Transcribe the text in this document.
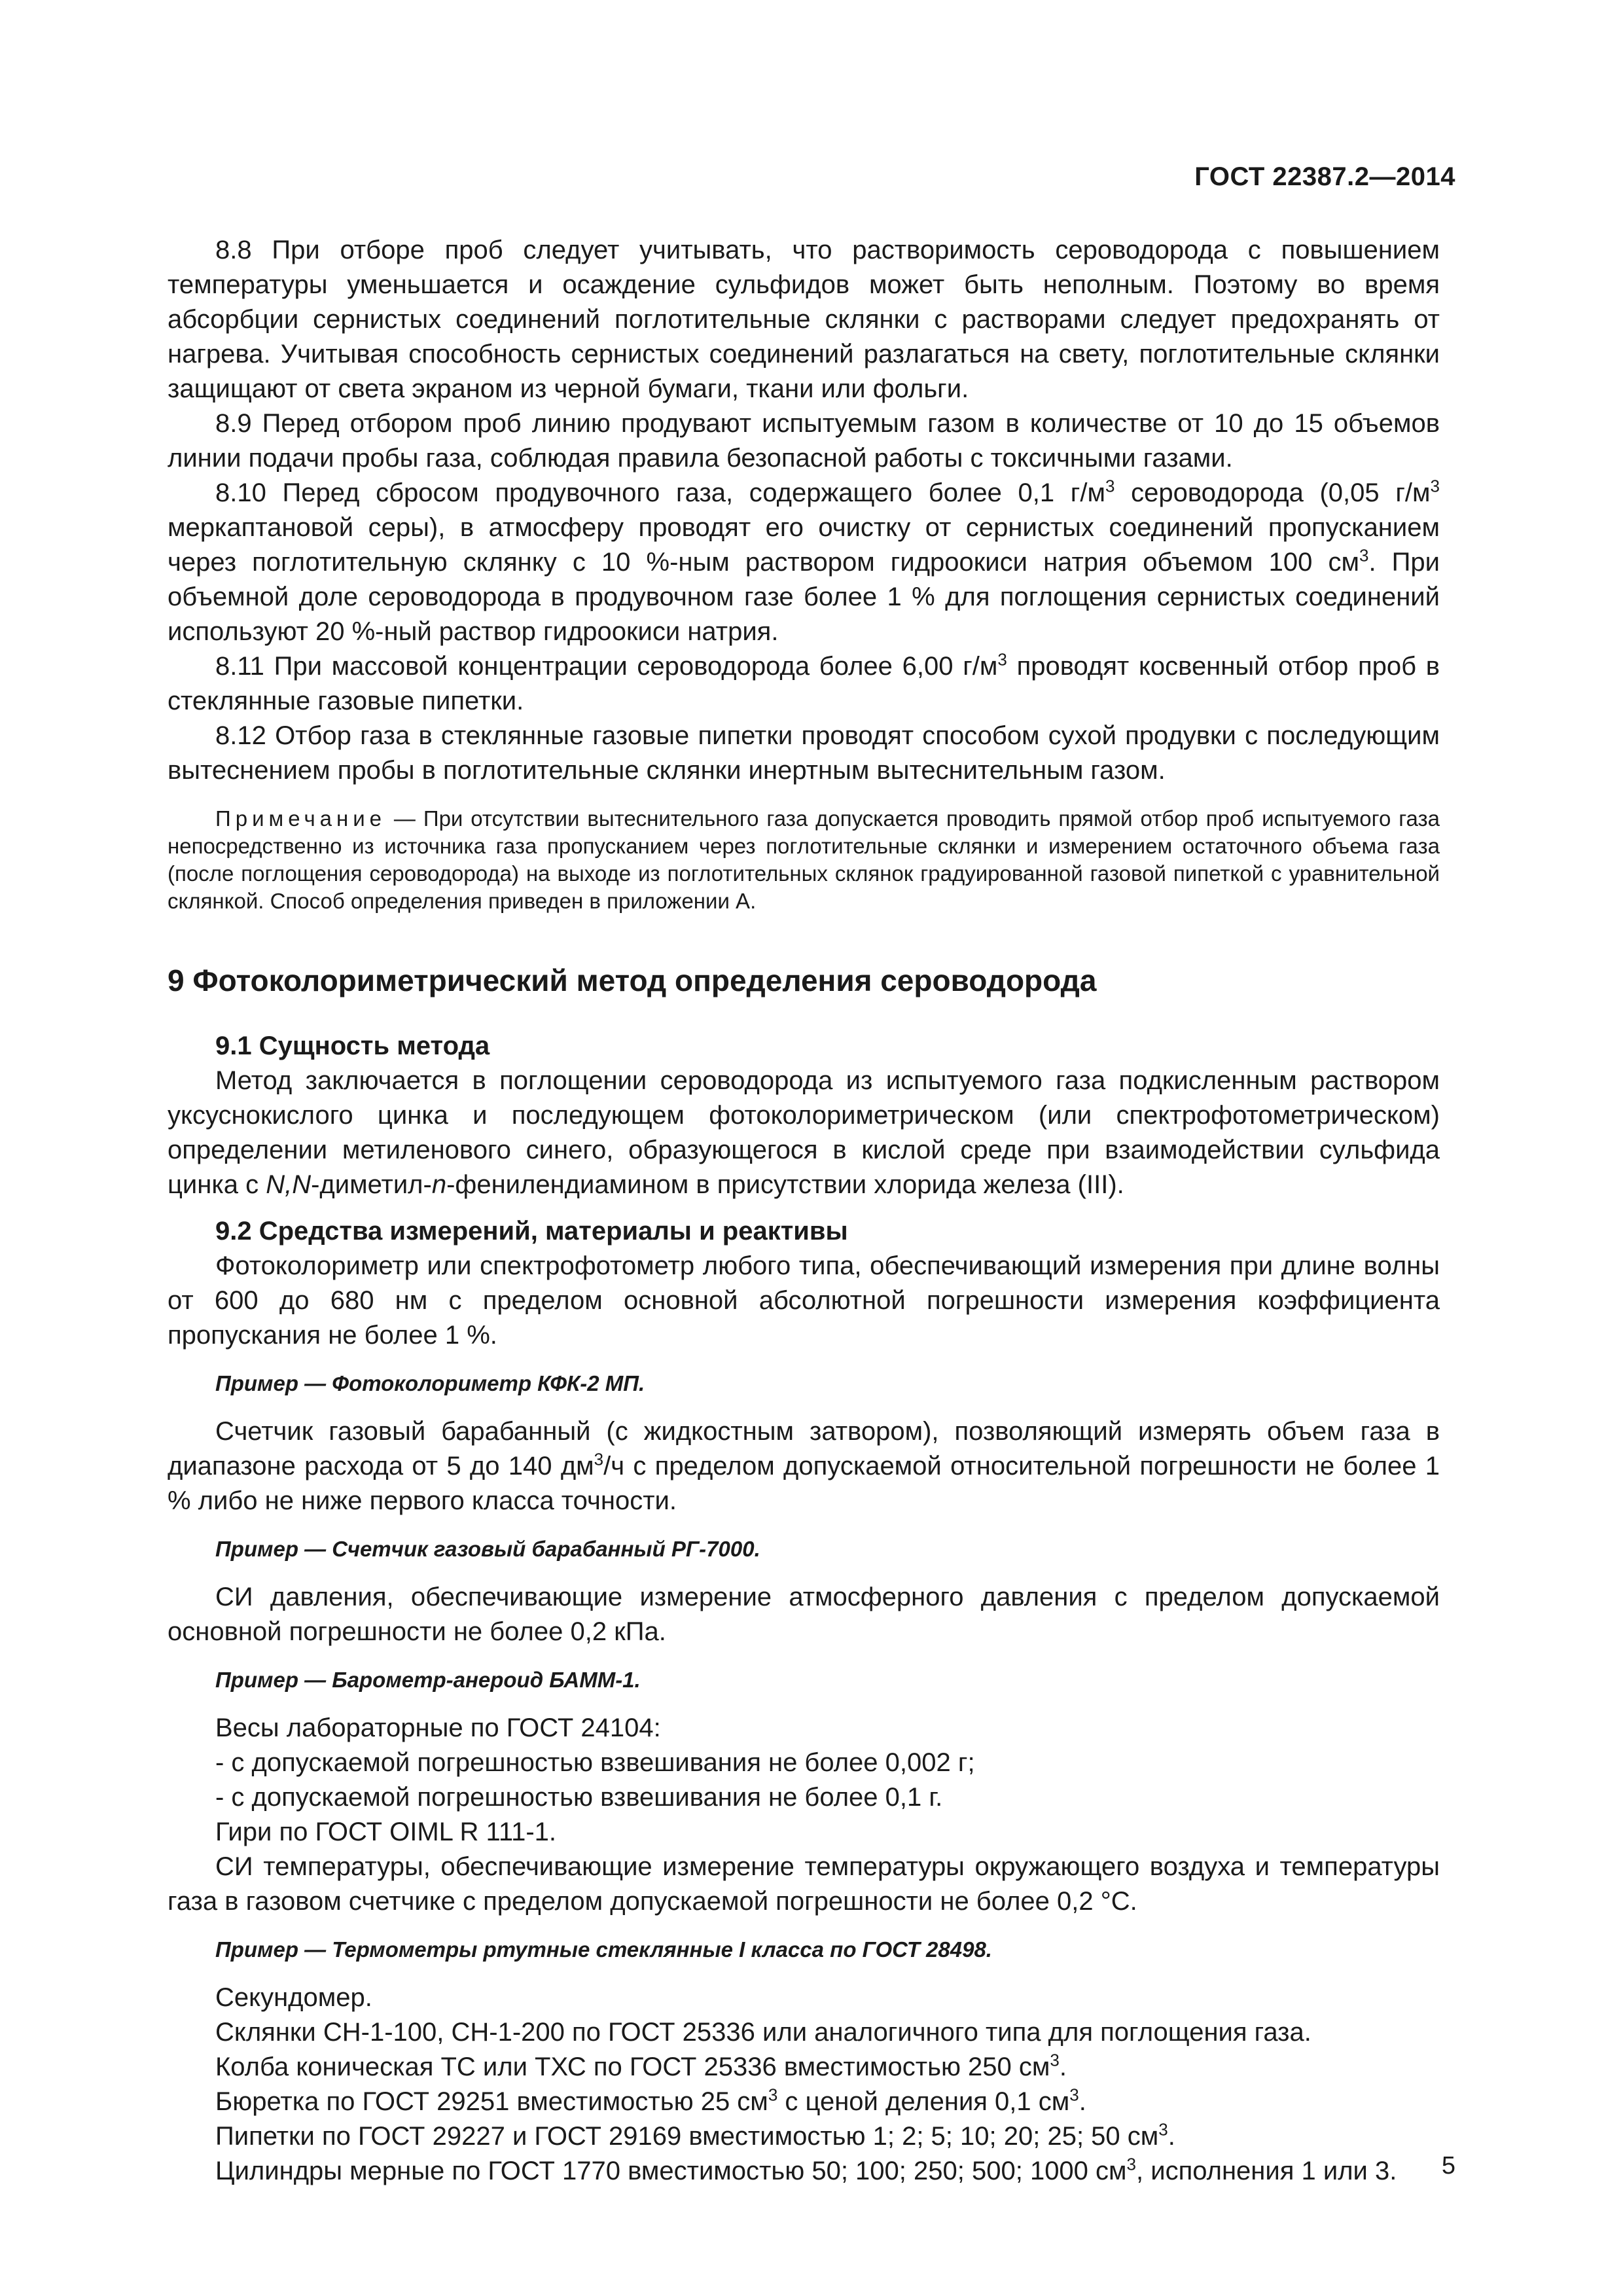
ГОСТ 22387.2—2014

8.8 При отборе проб следует учитывать, что растворимость сероводорода с повышением температуры уменьшается и осаждение сульфидов может быть неполным. Поэтому во время абсорбции сернистых соединений поглотительные склянки с растворами следует предохранять от нагрева. Учитывая способность сернистых соединений разлагаться на свету, поглотительные склянки защищают от света экраном из черной бумаги, ткани или фольги.

8.9 Перед отбором проб линию продувают испытуемым газом в количестве от 10 до 15 объемов линии подачи пробы газа, соблюдая правила безопасной работы с токсичными газами.

8.10 Перед сбросом продувочного газа, содержащего более 0,1 $г/м^3$ сероводорода (0,05 $г/м^3$ меркаптановой серы), в атмосферу проводят его очистку от сернистых соединений пропусканием через поглотительную склянку с 10 %-ным раствором гидроокиси натрия объемом 100 $см^3$. При объемной доле сероводорода в продувочном газе более 1 % для поглощения сернистых соединений используют 20 %-ный раствор гидроокиси натрия.

8.11 При массовой концентрации сероводорода более 6,00 $г/м^3$ проводят косвенный отбор проб в стеклянные газовые пипетки.

8.12 Отбор газа в стеклянные газовые пипетки проводят способом сухой продувки с последующим вытеснением пробы в поглотительные склянки инертным вытеснительным газом.

Примечание — При отсутствии вытеснительного газа допускается проводить прямой отбор проб испытуемого газа непосредственно из источника газа пропусканием через поглотительные склянки и измерением остаточного объема газа (после поглощения сероводорода) на выходе из поглотительных склянок градуированной газовой пипеткой с уравнительной склянкой. Способ определения приведен в приложении А.

9 Фотоколориметрический метод определения сероводорода
9.1 Сущность метода

Метод заключается в поглощении сероводорода из испытуемого газа подкисленным раствором уксуснокислого цинка и последующем фотоколориметрическом (или спектрофотометрическом) определении метиленового синего, образующегося в кислой среде при взаимодействии сульфида цинка с N,N-диметил-n-фенилендиамином в присутствии хлорида железа (III).

9.2 Средства измерений, материалы и реактивы

Фотоколориметр или спектрофотометр любого типа, обеспечивающий измерения при длине волны от 600 до 680 нм с пределом основной абсолютной погрешности измерения коэффициента пропускания не более 1 %.

Пример — Фотоколориметр КФК-2 МП.

Счетчик газовый барабанный (с жидкостным затвором), позволяющий измерять объем газа в диапазоне расхода от 5 до 140 $дм^3/ч$ с пределом допускаемой относительной погрешности не более 1 % либо не ниже первого класса точности.

Пример — Счетчик газовый барабанный РГ-7000.

СИ давления, обеспечивающие измерение атмосферного давления с пределом допускаемой основной погрешности не более 0,2 кПа.

Пример — Барометр-анероид БАММ-1.
Весы лабораторные по ГОСТ 24104:
- с допускаемой погрешностью взвешивания не более 0,002 г;
- с допускаемой погрешностью взвешивания не более 0,1 г.
Гири по ГОСТ OIML R 111-1.

СИ температуры, обеспечивающие измерение температуры окружающего воздуха и температуры газа в газовом счетчике с пределом допускаемой погрешности не более 0,2 °С.

Пример — Термометры ртутные стеклянные I класса по ГОСТ 28498.
Секундомер.
Склянки СН-1-100, СН-1-200 по ГОСТ 25336 или аналогичного типа для поглощения газа.
Колба коническая ТС или ТХС по ГОСТ 25336 вместимостью 250 $см^3$.
Бюретка по ГОСТ 29251 вместимостью 25 $см^3$ с ценой деления 0,1 $см^3$.
Пипетки по ГОСТ 29227 и ГОСТ 29169 вместимостью 1; 2; 5; 10; 20; 25; 50 $см^3$.
Цилиндры мерные по ГОСТ 1770 вместимостью 50; 100; 250; 500; 1000 $см^3$, исполнения 1 или 3.	5
